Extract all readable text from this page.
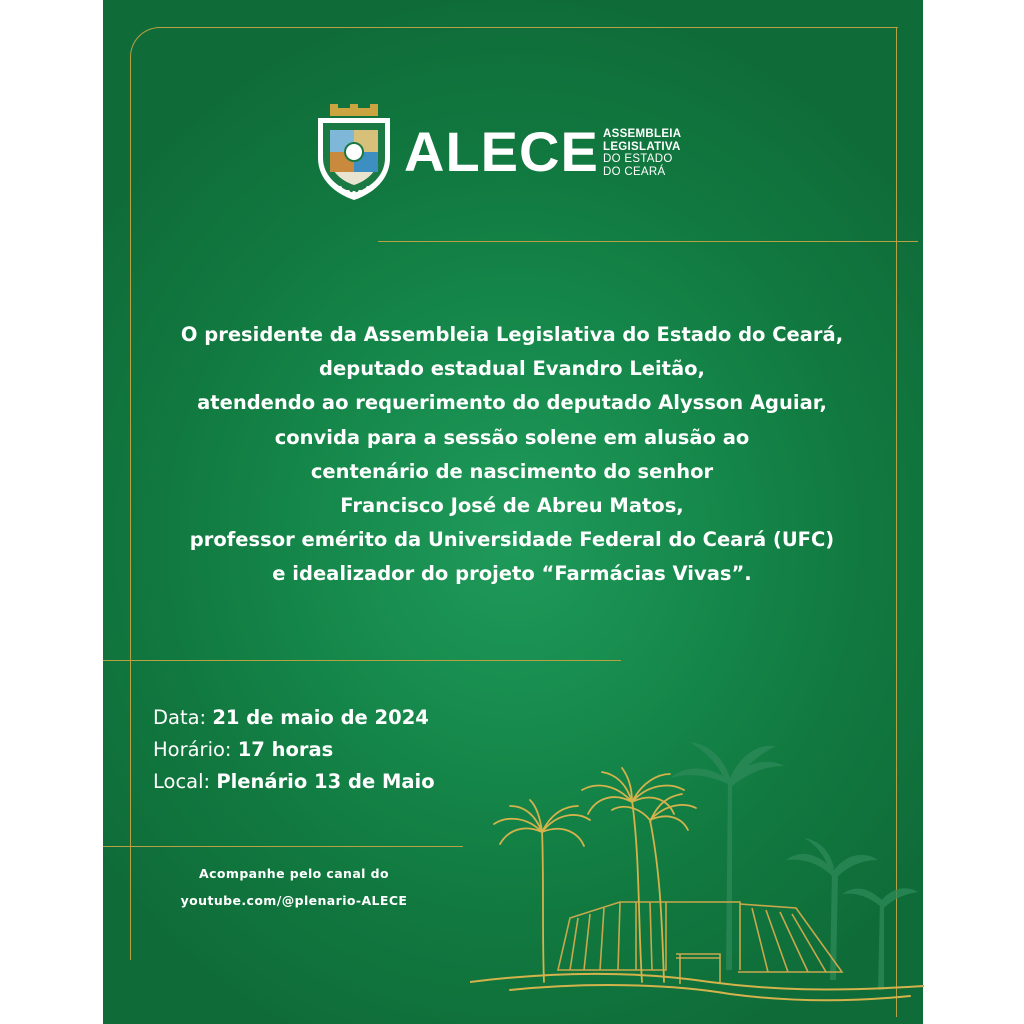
ALECE ASSEMBLEIA
LEGISLATIVA
DO ESTADO
DO CEARÁ
O presidente da Assembleia Legislativa do Estado do Ceará,
deputado estadual Evandro Leitão,
atendendo ao requerimento do deputado Alysson Aguiar,
convida para a sessão solene em alusão ao
centenário de nascimento do senhor
Francisco José de Abreu Matos,
professor emérito da Universidade Federal do Ceará (UFC)
e idealizador do projeto “Farmácias Vivas”.
Data: 21 de maio de 2024
Horário: 17 horas
Local: Plenário 13 de Maio
Acompanhe pelo canal do
youtube.com/@plenario-ALECE
